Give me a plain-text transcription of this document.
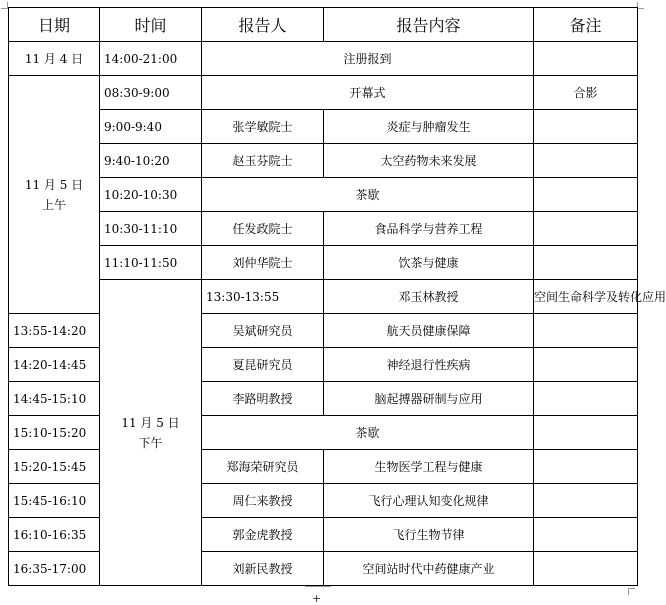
日期	时间	报告人	报告内容	备注	
11 月 4 日	14:00-21:00	注册报到			

11 月 5 日
上午	08:30-9:00	开幕式		合影	
	9:00-9:40	张学敏院士	炎症与肿瘤发生		
	9:40-10:20	赵玉芬院士	太空药物未来发展		
	10:20-10:30	茶歇			
	10:30-11:10	任发政院士	食品科学与营养工程		
	11:10-11:50	刘仲华院士	饮茶与健康		

	11 月 5 日
下午	13:30-13:55	邓玉林教授	空间生命科学及转化应用	
13:55-14:20		吴斌研究员	航天员健康保障		
14:20-14:45		夏昆研究员	神经退行性疾病		
14:45-15:10		李路明教授	脑起搏器研制与应用		
15:10-15:20		茶歇			
15:20-15:45		郑海荣研究员	生物医学工程与健康		
15:45-16:10		周仁来教授	飞行心理认知变化规律		
16:10-16:35		郭金虎教授	飞行生物节律		
16:35-17:00		刘新民教授	空间站时代中药健康产业		
+
